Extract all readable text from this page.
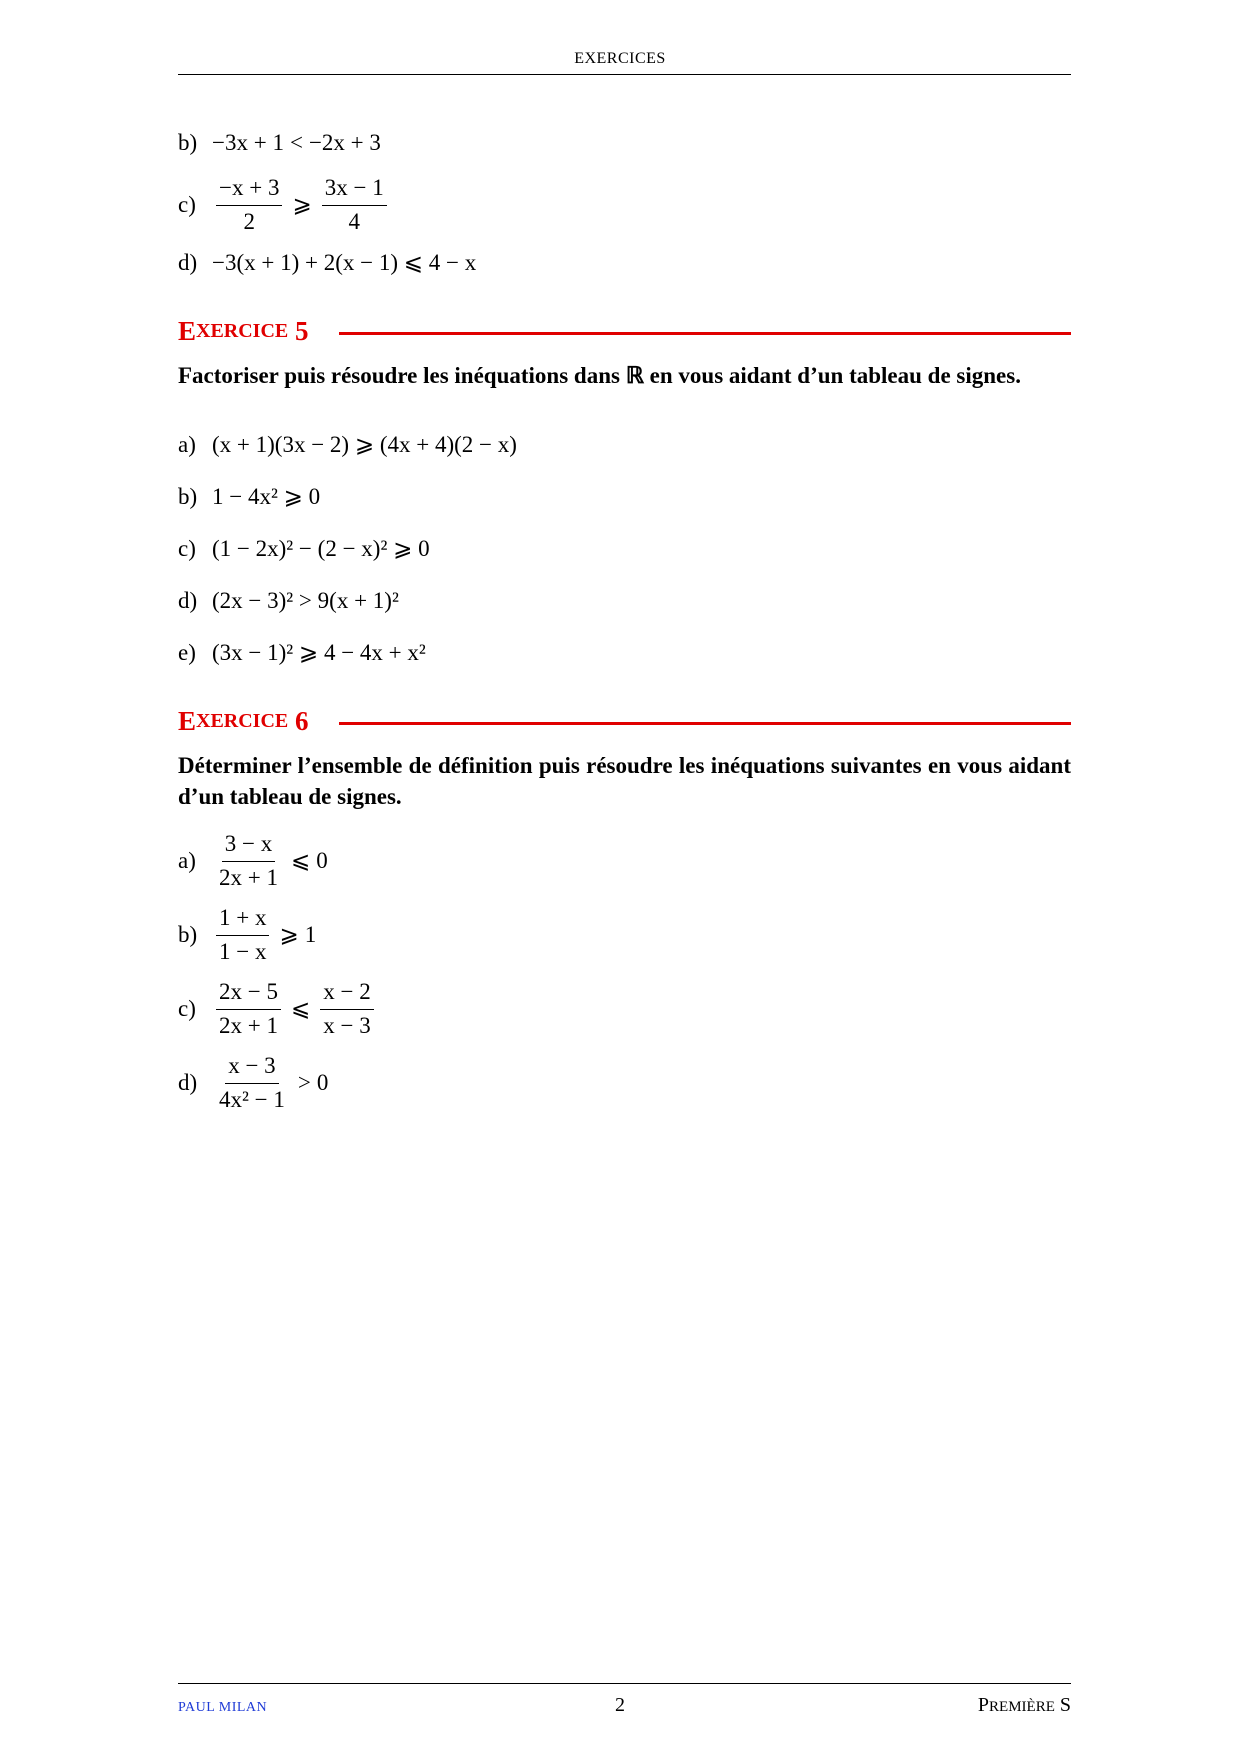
EXERCICES
b) −3x + 1 < −2x + 3
$c) \frac{-x + 3}{2}$ ⩾ $\frac{3x - 1}{4}$
d) −3(x + 1) + 2(x − 1) ⩽ 4 − x
E XERCICE
5
Factoriser puis résoudre les inéquations dans ℝ en vous aidant d’un tableau de signes.
a) (x + 1)(3x − 2) ⩾ (4x + 4)(2 − x)
b) 1 − 4x² ⩾ 0
c) (1 − 2x)² − (2 − x)² ⩾ 0
d) (2x − 3)² > 9(x + 1)²
e) (3x − 1)² ⩾ 4 − 4x + x²
E XERCICE
6
Déterminer l’ensemble de définition puis résoudre les inéquations suivantes en vous aidant d’un tableau de signes.
$a) \frac{3 - x}{2x + 1}$ ⩽ 0
$b) \frac{1 + x}{1 - x}$ ⩾ 1
$c) \frac{2x - 5}{2x + 1}$ ⩽ $\frac{x - 2}{x - 3}$
$d) \frac{x - 3}{\text{4x² − 1}} > 0$
PAUL MILAN	2	PREMIÈRE S
